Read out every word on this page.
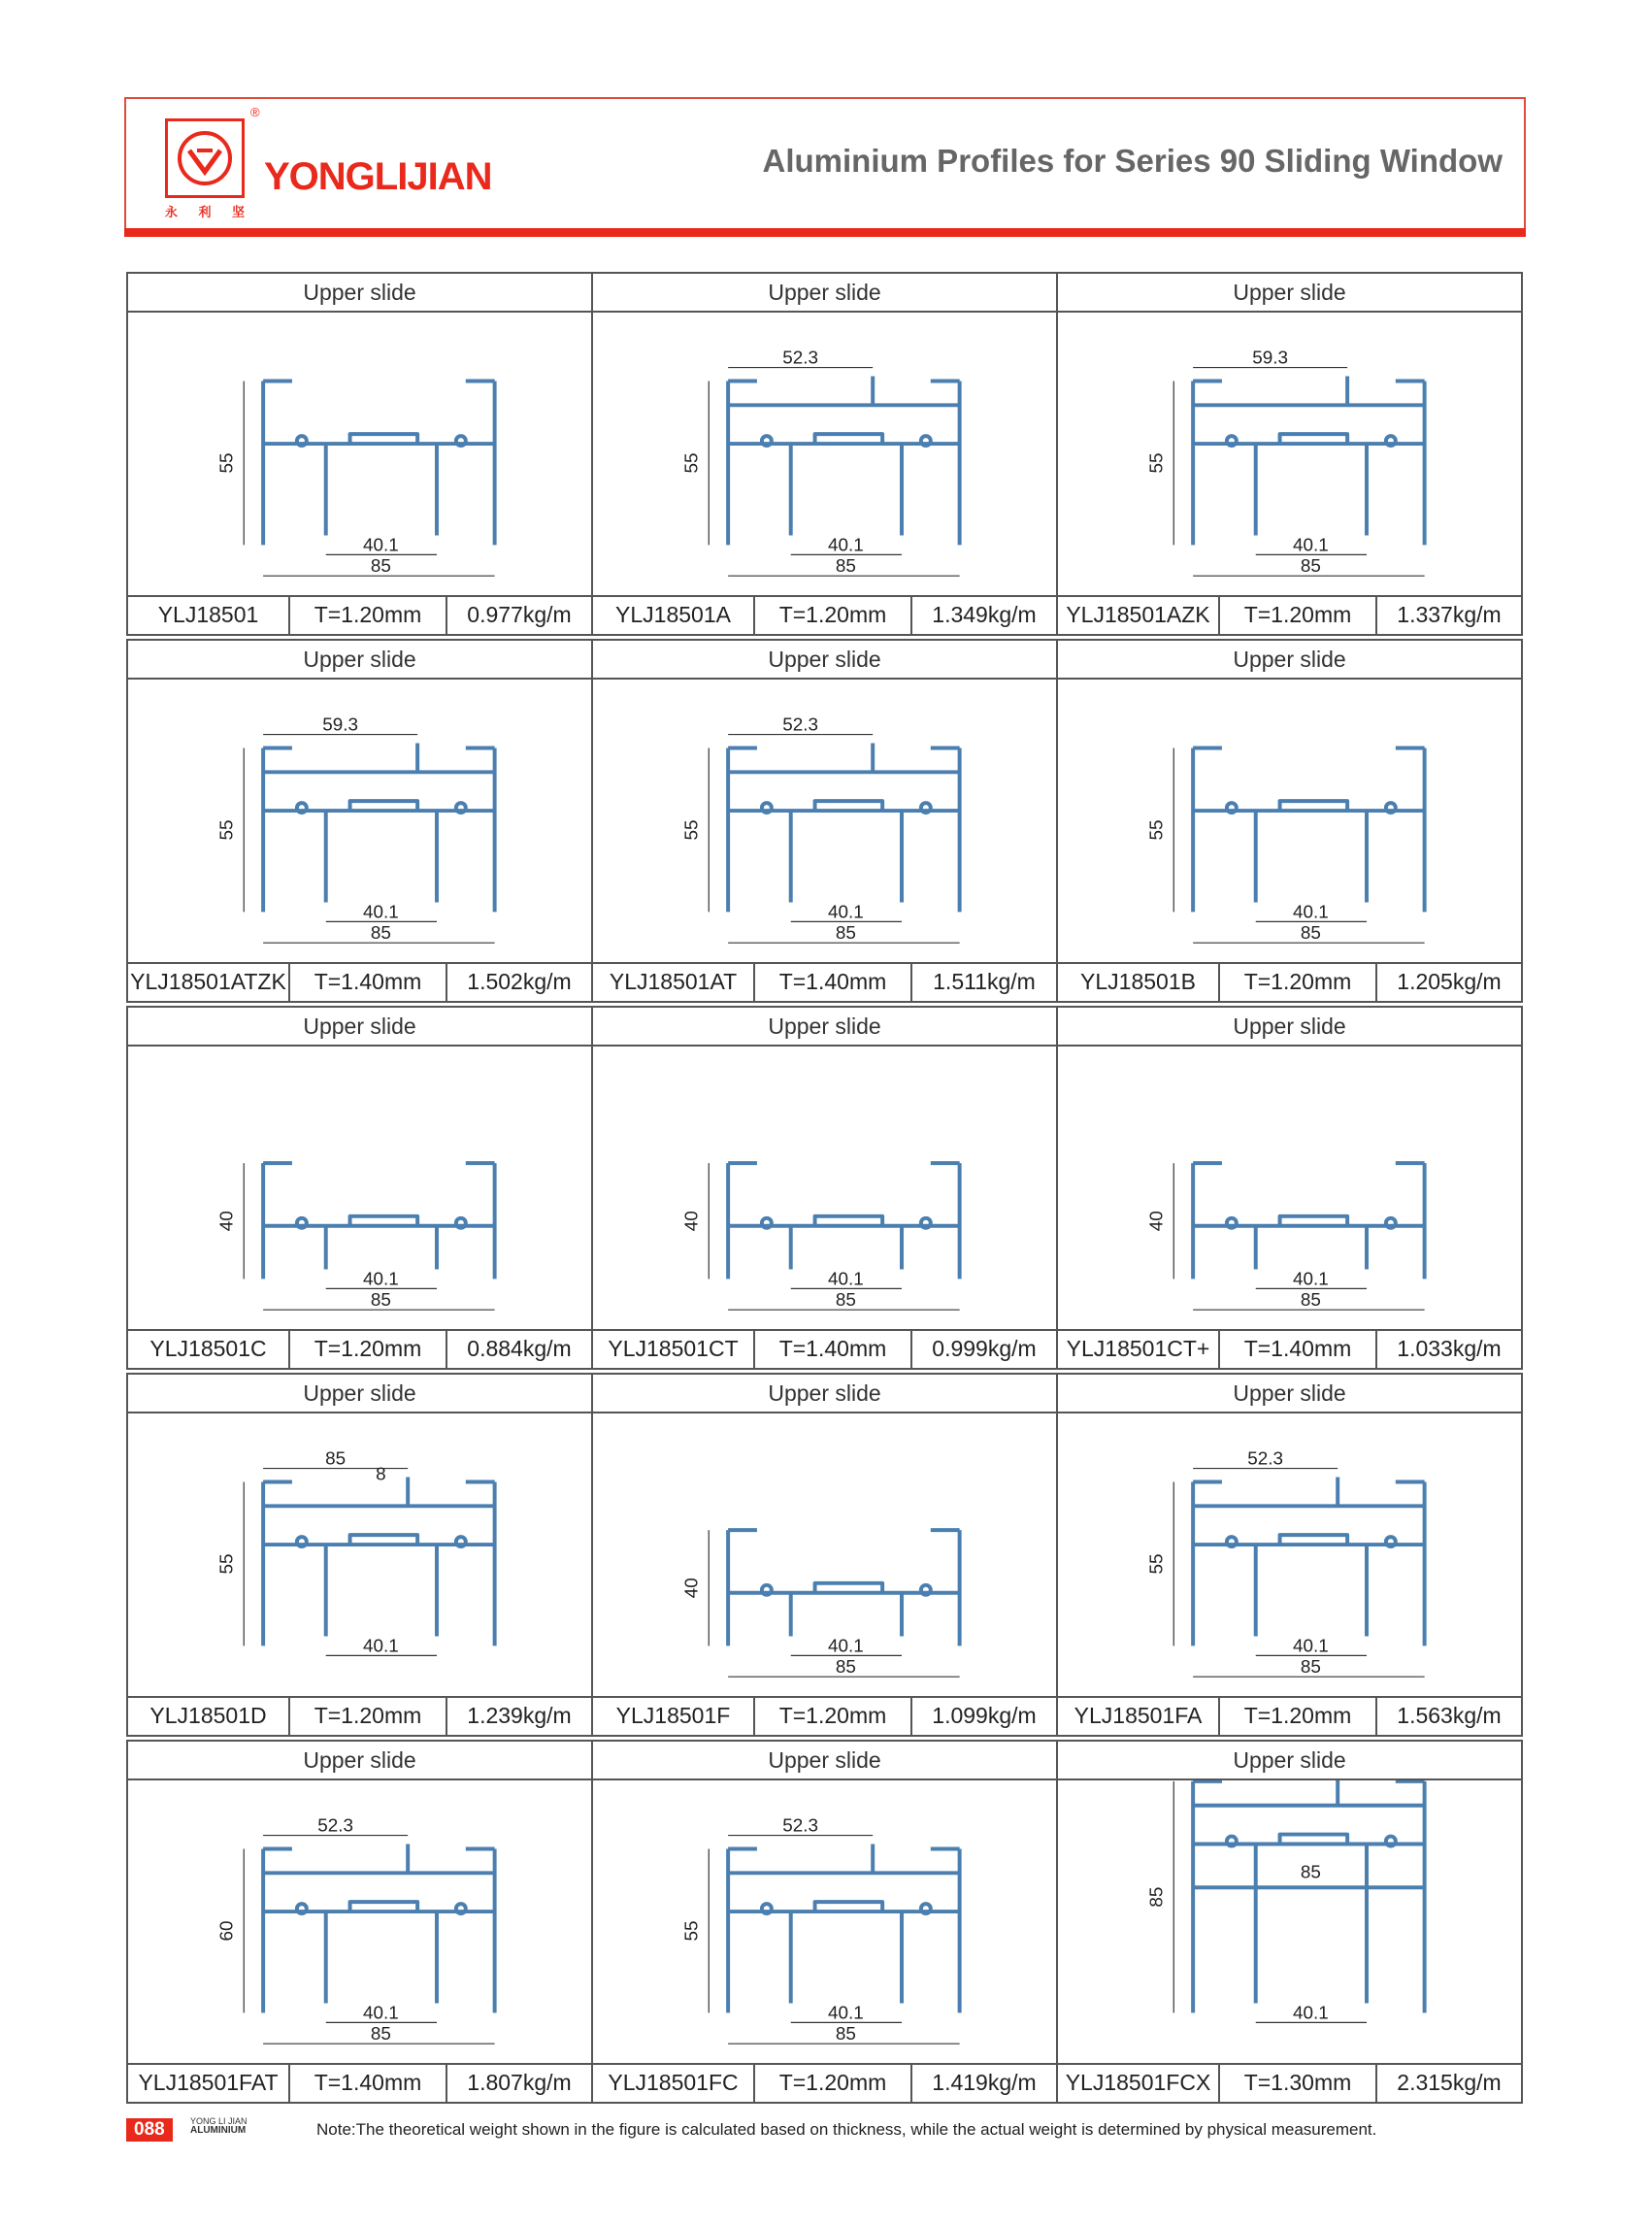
®
永 利 坚
YONGLIJIAN	Aluminium Profiles for Series 90 Sliding Window
Upper slide
55
40.1
85
YLJ18501	T=1.20mm	0.977kg/m
Upper slide
55
40.1
85
52.3
YLJ18501A	T=1.20mm	1.349kg/m
Upper slide
55
40.1
85
59.3
YLJ18501AZK	T=1.20mm	1.337kg/m
Upper slide
55
40.1
85
59.3
YLJ18501ATZK	T=1.40mm	1.502kg/m
Upper slide
55
40.1
85
52.3
YLJ18501AT	T=1.40mm	1.511kg/m
Upper slide
55
40.1
85
YLJ18501B	T=1.20mm	1.205kg/m
Upper slide
40
40.1
85
YLJ18501C	T=1.20mm	0.884kg/m
Upper slide
40
40.1
85
YLJ18501CT	T=1.40mm	0.999kg/m
Upper slide
40
40.1
85
YLJ18501CT+	T=1.40mm	1.033kg/m
Upper slide
55
40.1
85
8
YLJ18501D	T=1.20mm	1.239kg/m
Upper slide
40
40.1
85
YLJ18501F	T=1.20mm	1.099kg/m
Upper slide
55
40.1
85
52.3
YLJ18501FA	T=1.20mm	1.563kg/m
Upper slide
60
40.1
85
52.3
YLJ18501FAT	T=1.40mm	1.807kg/m
Upper slide
55
40.1
85
52.3
YLJ18501FC	T=1.20mm	1.419kg/m
Upper slide
85
40.1
85
YLJ18501FCX	T=1.30mm	2.315kg/m
088	YONG LI JIAN
ALUMINIUM	Note:The theoretical weight shown in the figure is calculated based on thickness, while the actual weight is determined by physical measurement.
